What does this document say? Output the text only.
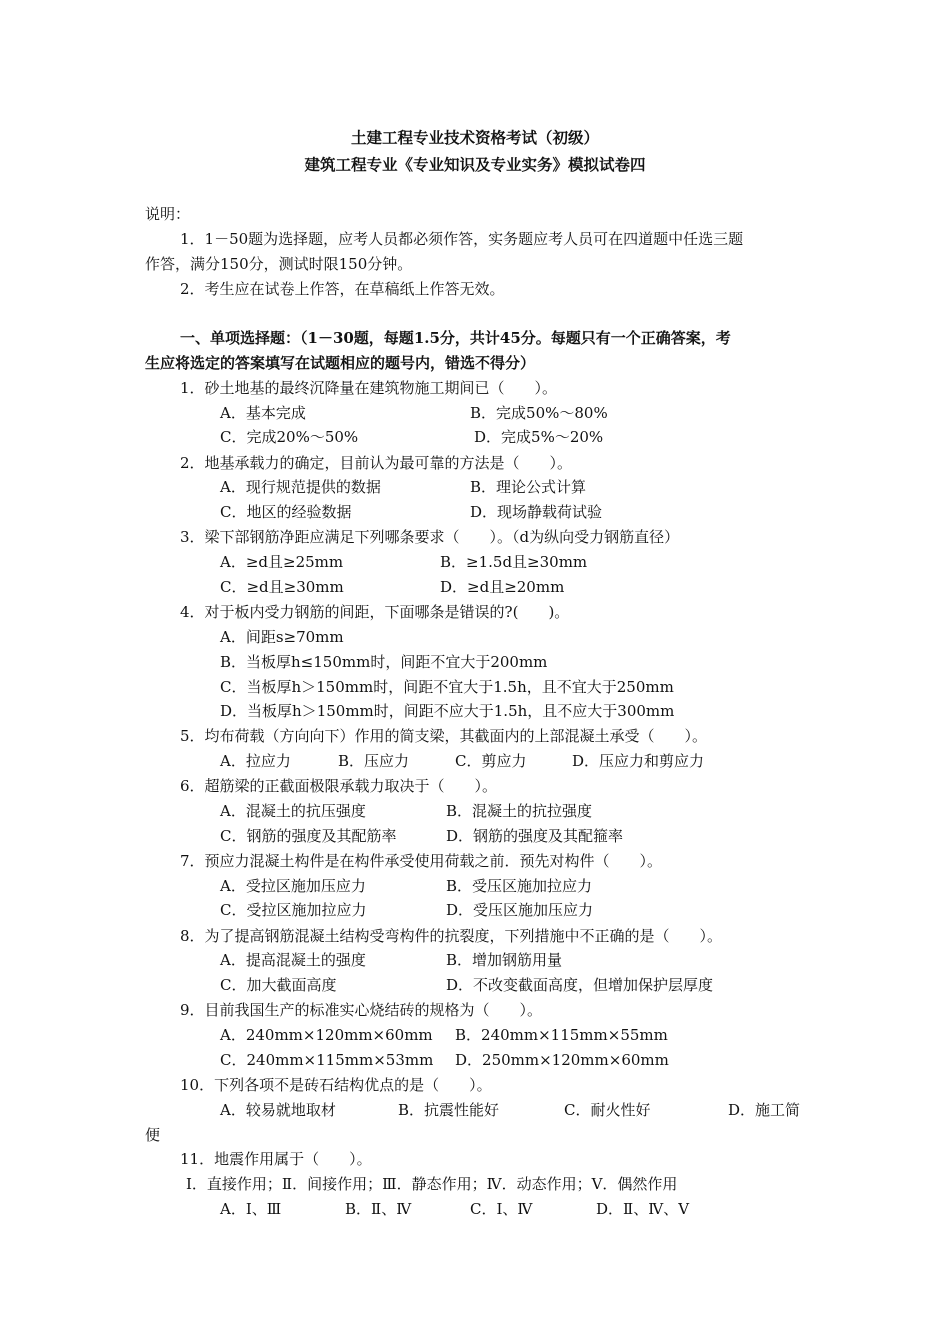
土建工程专业技术资格考试（初级）
建筑工程专业《专业知识及专业实务》模拟试卷四
说明：
1．1－50题为选择题，应考人员都必须作答，实务题应考人员可在四道题中任选三题
作答，满分150分，测试时限150分钟。
2．考生应在试卷上作答，在草稿纸上作答无效。
一、单项选择题：（1－30题，每题1.5分，共计45分。每题只有一个正确答案，考
生应将选定的答案填写在试题相应的题号内，错选不得分）
1．砂土地基的最终沉降量在建筑物施工期间已（　　）。
A．基本完成	B．完成50%～80%
C．完成20%～50%	D．完成5%～20%
2．地基承载力的确定，目前认为最可靠的方法是（　　）。
A．现行规范提供的数据	B．理论公式计算
C．地区的经验数据	D．现场静载荷试验
3．梁下部钢筋净距应满足下列哪条要求（　　）。（d为纵向受力钢筋直径）
A．≥d且≥25mm	B．≥1.5d且≥30mm
C．≥d且≥30mm	D．≥d且≥20mm
4．对于板内受力钢筋的间距，下面哪条是错误的?(　　)。
A．间距s≥70mm
B．当板厚h≤150mm时，间距不宜大于200mm
C．当板厚h＞150mm时，间距不宜大于1.5h，且不宜大于250mm
D．当板厚h＞150mm时，间距不应大于1.5h，且不应大于300mm
5．均布荷载（方向向下）作用的简支梁，其截面内的上部混凝土承受（　　）。
A．拉应力	B．压应力	C．剪应力	D．压应力和剪应力
6．超筋梁的正截面极限承载力取决于（　　）。
A．混凝土的抗压强度	B．混凝土的抗拉强度
C．钢筋的强度及其配筋率	D．钢筋的强度及其配箍率
7．预应力混凝土构件是在构件承受使用荷载之前．预先对构件（　　）。
A．受拉区施加压应力	B．受压区施加拉应力
C．受拉区施加拉应力	D．受压区施加压应力
8．为了提高钢筋混凝土结构受弯构件的抗裂度，下列措施中不正确的是（　　）。
A．提高混凝土的强度	B．增加钢筋用量
C．加大截面高度	D．不改变截面高度，但增加保护层厚度
9．目前我国生产的标准实心烧结砖的规格为（　　）。
A．240mm×120mm×60mm B．240mm×115mm×55mm
C．240mm×115mm×53mm D．250mm×120mm×60mm
10．下列各项不是砖石结构优点的是（　　）。
A．较易就地取材	B．抗震性能好	C．耐火性好	D．施工简
便
11．地震作用属于（　　）。
Ⅰ．直接作用；Ⅱ．间接作用；Ⅲ．静态作用；Ⅳ．动态作用；Ⅴ．偶然作用
A．Ⅰ、Ⅲ	B．Ⅱ、Ⅳ	C．Ⅰ、Ⅳ	D．Ⅱ、Ⅳ、Ⅴ
